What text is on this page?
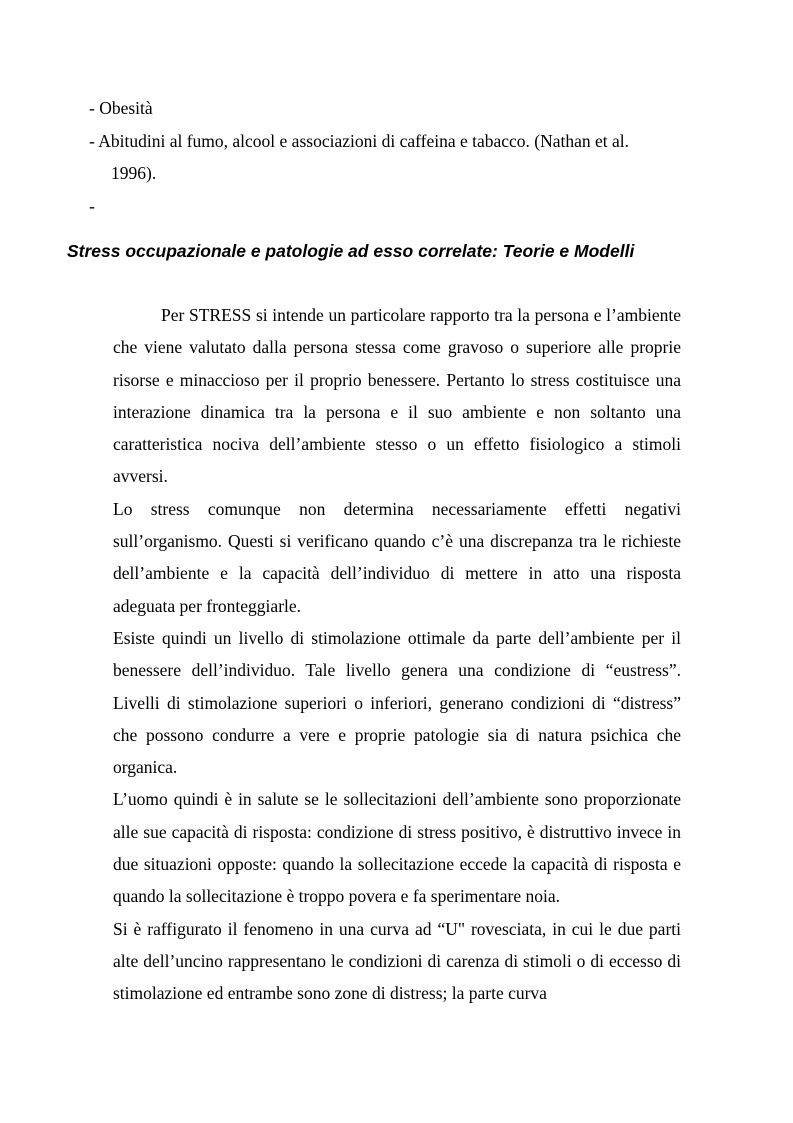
- Obesità
- Abitudini al fumo, alcool e associazioni di caffeina e tabacco. (Nathan et al.
1996).
-
Stress occupazionale e patologie ad esso correlate: Teorie e Modelli

Per STRESS si intende un particolare rapporto tra la persona e l’ambiente che viene valutato dalla persona stessa come gravoso o superiore alle proprie risorse e minaccioso per il proprio benessere. Pertanto lo stress costituisce una interazione dinamica tra la persona e il suo ambiente e non soltanto una caratteristica nociva dell’ambiente stesso o un effetto fisiologico a stimoli avversi.

Lo stress comunque non determina necessariamente effetti negativi sull’organismo. Questi si verificano quando c’è una discrepanza tra le richieste dell’ambiente e la capacità dell’individuo di mettere in atto una risposta adeguata per fronteggiarle.

Esiste quindi un livello di stimolazione ottimale da parte dell’ambiente per il benessere dell’individuo. Tale livello genera una condizione di “eustress”. Livelli di stimolazione superiori o inferiori, generano condizioni di “distress” che possono condurre a vere e proprie patologie sia di natura psichica che organica.

L’uomo quindi è in salute se le sollecitazioni dell’ambiente sono proporzionate alle sue capacità di risposta: condizione di stress positivo, è distruttivo invece in due situazioni opposte: quando la sollecitazione eccede la capacità di risposta e quando la sollecitazione è troppo povera e fa sperimentare noia.

Si è raffigurato il fenomeno in una curva ad “U" rovesciata, in cui le due parti alte dell’uncino rappresentano le condizioni di carenza di stimoli o di eccesso di stimolazione ed entrambe sono zone di distress; la parte curva
